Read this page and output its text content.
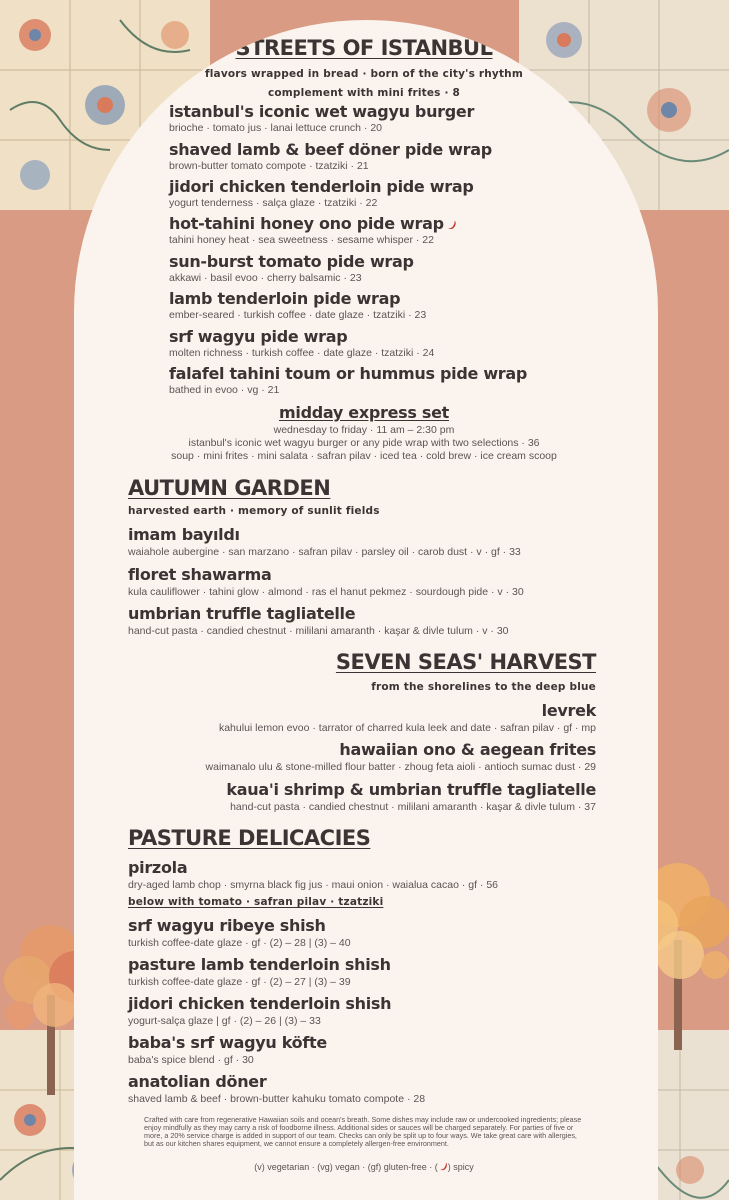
STREETS OF ISTANBUL
flavors wrapped in bread · born of the city's rhythm
complement with mini frites · 8
istanbul's iconic wet wagyu burger
brioche · tomato jus · lanai lettuce crunch · 20
shaved lamb & beef döner pide wrap
brown-butter tomato compote · tzatziki · 21
jidori chicken tenderloin pide wrap
yogurt tenderness · salça glaze · tzatziki · 22
hot-tahini honey ono pide wrap
tahini honey heat · sea sweetness · sesame whisper · 22
sun-burst tomato pide wrap
akkawi · basil evoo · cherry balsamic · 23
lamb tenderloin pide wrap
ember-seared · turkish coffee · date glaze · tzatziki · 23
srf wagyu pide wrap
molten richness · turkish coffee · date glaze · tzatziki · 24
falafel tahini toum or hummus pide wrap
bathed in evoo · vg · 21
midday express set
wednesday to friday · 11 am – 2:30 pm
istanbul's iconic wet wagyu burger or any pide wrap with two selections · 36
soup · mini frites · mini salata · safran pilav · iced tea · cold brew · ice cream scoop
AUTUMN GARDEN
harvested earth · memory of sunlit fields
imam bayıldı
waiahole aubergine · san marzano · safran pilav · parsley oil · carob dust · v · gf · 33
floret shawarma
kula cauliflower · tahini glow · almond · ras el hanut pekmez · sourdough pide · v · 30
umbrian truffle tagliatelle
hand-cut pasta · candied chestnut · mililani amaranth · kaşar & divle tulum · v · 30
SEVEN SEAS' HARVEST
from the shorelines to the deep blue
levrek
kahului lemon evoo · tarrator of charred kula leek and date · safran pilav · gf · mp
hawaiian ono & aegean frites
waimanalo ulu & stone-milled flour batter · zhoug feta aioli · antioch sumac dust · 29
kaua'i shrimp & umbrian truffle tagliatelle
hand-cut pasta · candied chestnut · mililani amaranth · kaşar & divle tulum · 37
PASTURE DELICACIES
pirzola
dry-aged lamb chop · smyrna black fig jus · maui onion · waialua cacao · gf · 56
below with tomato · safran pilav · tzatziki
srf wagyu ribeye shish
turkish coffee-date glaze · gf · (2) – 28 | (3) – 40
pasture lamb tenderloin shish
turkish coffee-date glaze · gf · (2) – 27 | (3) – 39
jidori chicken tenderloin shish
yogurt-salça glaze | gf · (2) – 26 | (3) – 33
baba's srf wagyu köfte
baba's spice blend · gf · 30
anatolian döner
shaved lamb & beef · brown-butter kahuku tomato compote · 28
Crafted with care from regenerative Hawaiian soils and ocean's breath. Some dishes may include raw or undercooked ingredients; please enjoy mindfully as they may carry a risk of foodborne illness. Additional sides or sauces will be charged separately. For parties of five or more, a 20% service charge is added in support of our team. Checks can only be split up to four ways. We take great care with allergies, but as our kitchen shares equipment, we cannot ensure a completely allergen-free environment.
(v) vegetarian · (vg) vegan · (gf) gluten-free · ( ) spicy
